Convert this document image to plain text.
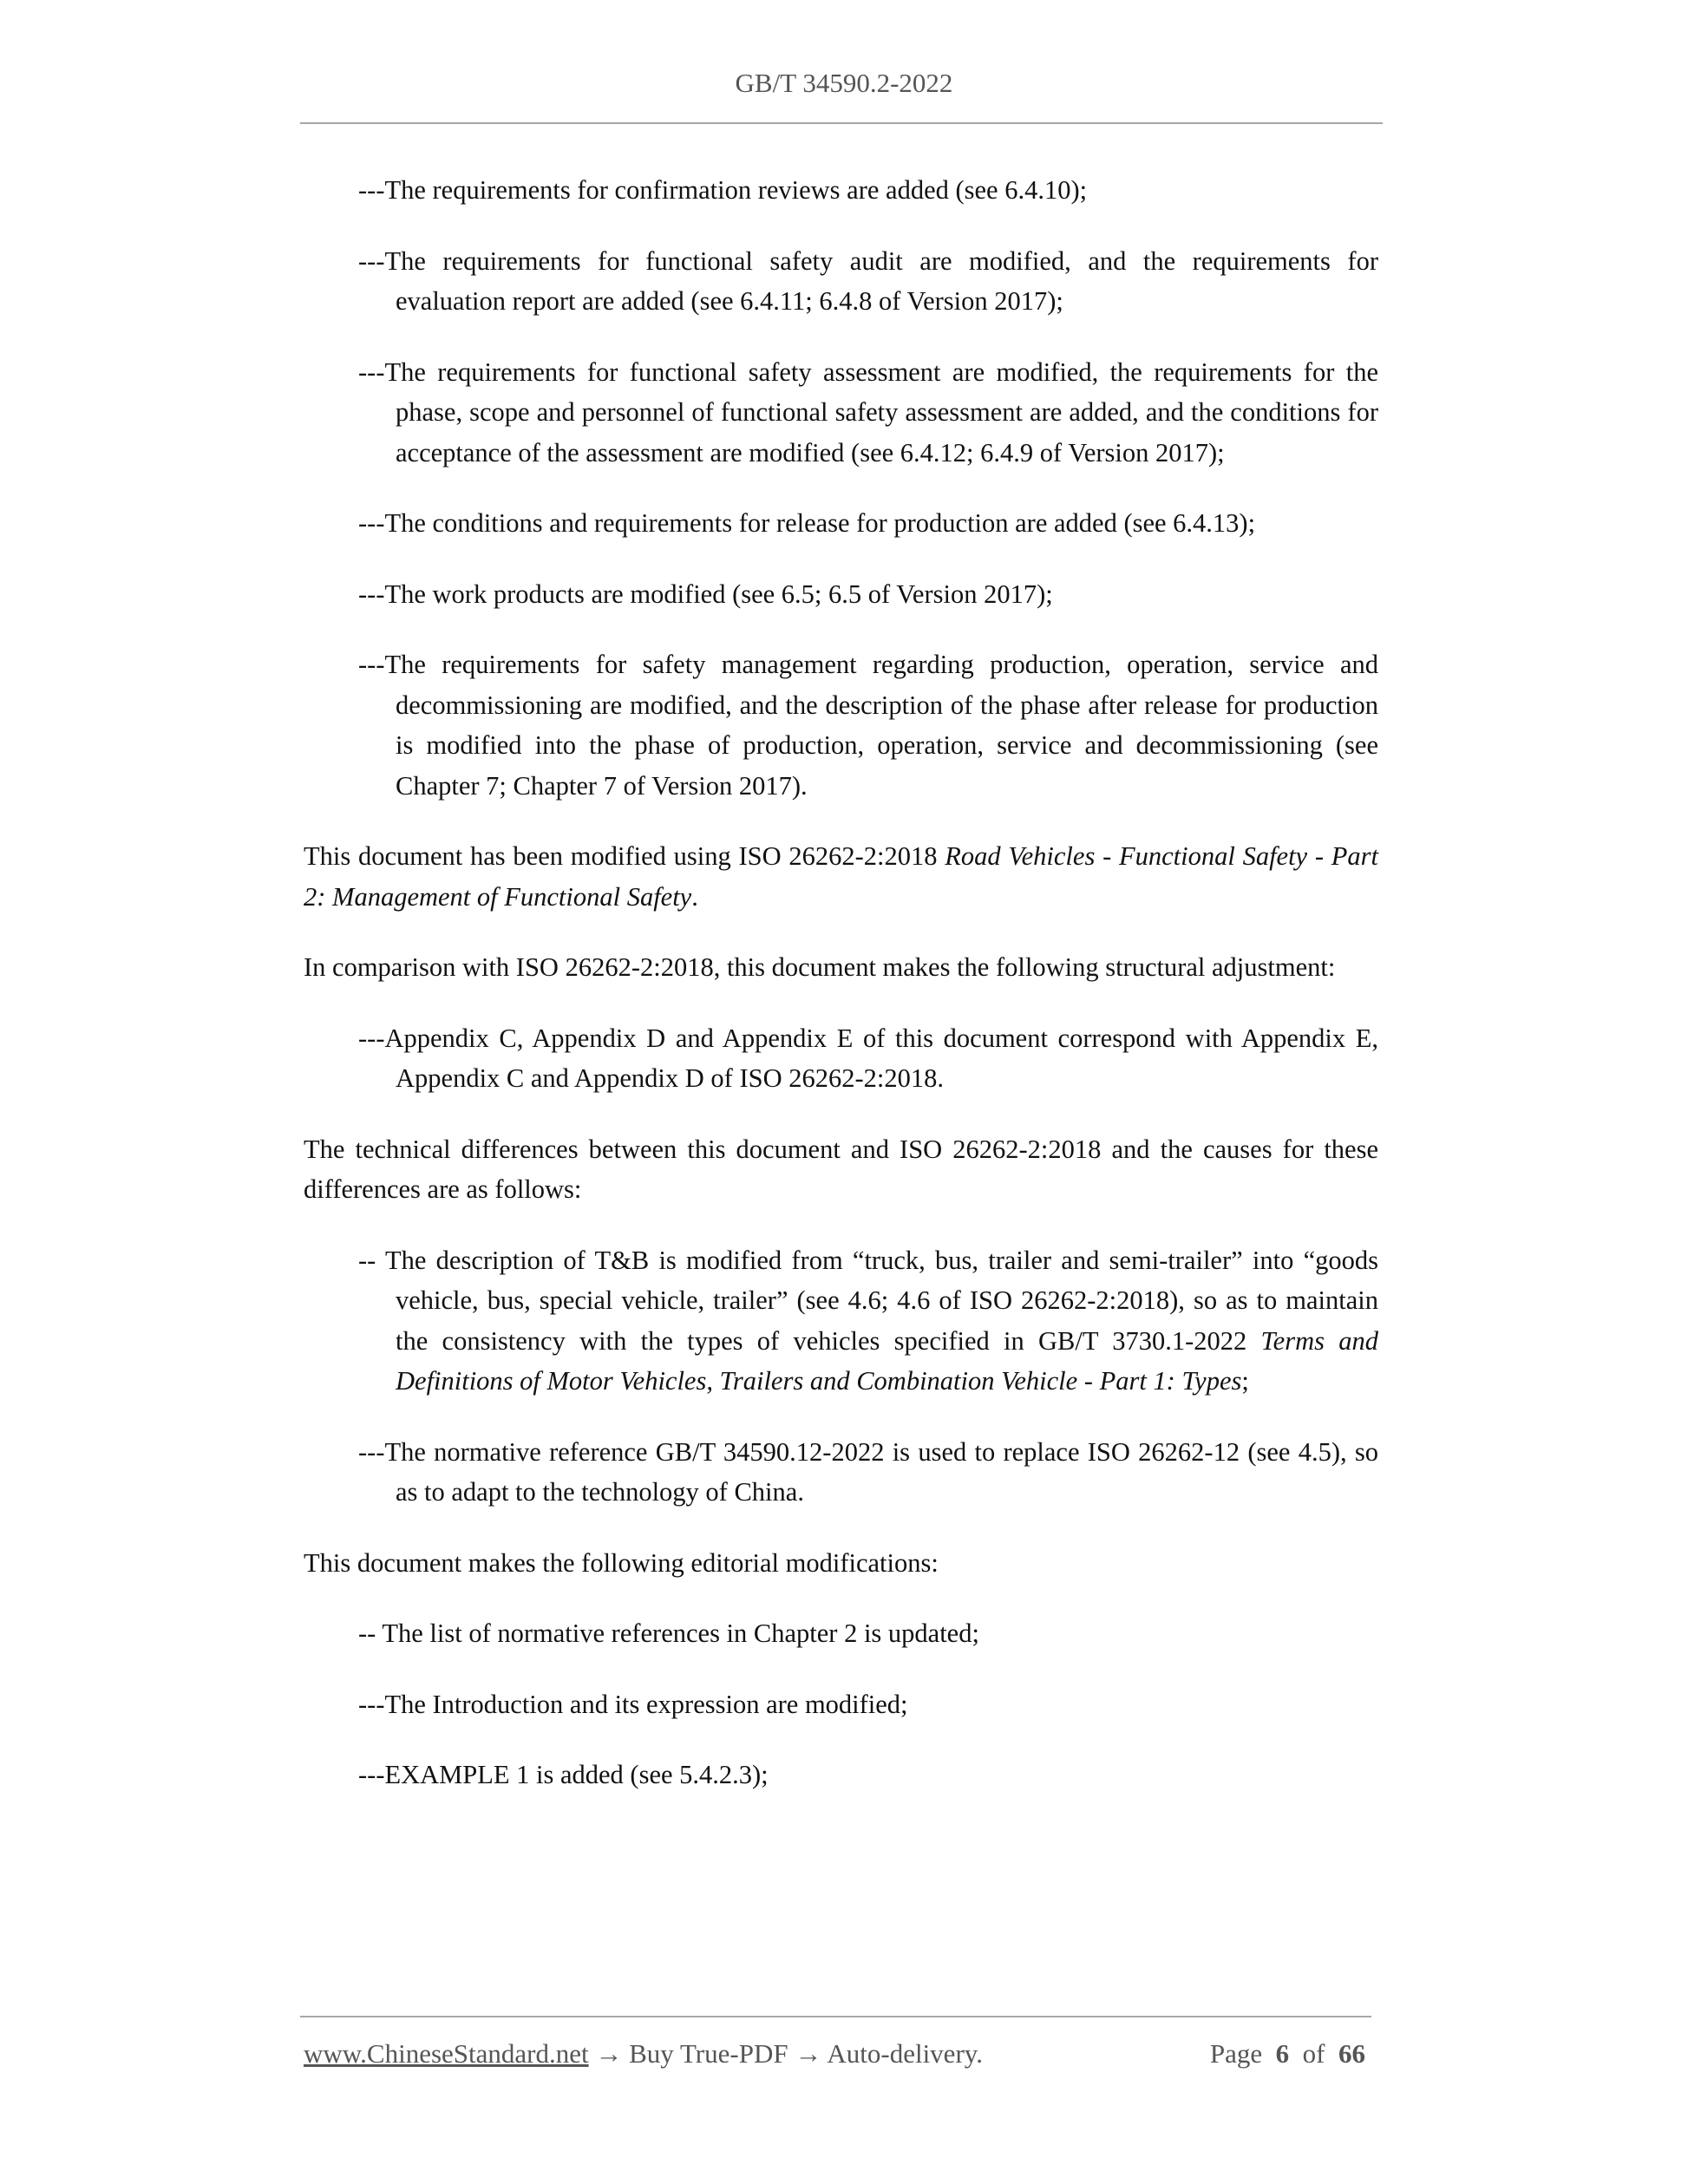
GB/T 34590.2-2022

---The requirements for confirmation reviews are added (see 6.4.10);

---The requirements for functional safety audit are modified, and the requirements for evaluation report are added (see 6.4.11; 6.4.8 of Version 2017);

---The requirements for functional safety assessment are modified, the requirements for the phase, scope and personnel of functional safety assessment are added, and the conditions for acceptance of the assessment are modified (see 6.4.12; 6.4.9 of Version 2017);

---The conditions and requirements for release for production are added (see 6.4.13);

---The work products are modified (see 6.5; 6.5 of Version 2017);

---The requirements for safety management regarding production, operation, service and decommissioning are modified, and the description of the phase after release for production is modified into the phase of production, operation, service and decommissioning (see Chapter 7; Chapter 7 of Version 2017).

This document has been modified using ISO 26262-2:2018 Road Vehicles - Functional Safety - Part 2: Management of Functional Safety.

In comparison with ISO 26262-2:2018, this document makes the following structural adjustment:

---Appendix C, Appendix D and Appendix E of this document correspond with Appendix E, Appendix C and Appendix D of ISO 26262-2:2018.

The technical differences between this document and ISO 26262-2:2018 and the causes for these differences are as follows:

-- The description of T&B is modified from “truck, bus, trailer and semi-trailer” into “goods vehicle, bus, special vehicle, trailer” (see 4.6; 4.6 of ISO 26262-2:2018), so as to maintain the consistency with the types of vehicles specified in GB/T 3730.1-2022 Terms and Definitions of Motor Vehicles, Trailers and Combination Vehicle - Part 1: Types;

---The normative reference GB/T 34590.12-2022 is used to replace ISO 26262-12 (see 4.5), so as to adapt to the technology of China.

This document makes the following editorial modifications:

-- The list of normative references in Chapter 2 is updated;

---The Introduction and its expression are modified;

---EXAMPLE 1 is added (see 5.4.2.3);

www.ChineseStandard.net → Buy True-PDF → Auto-delivery.	Page 6 of 66
